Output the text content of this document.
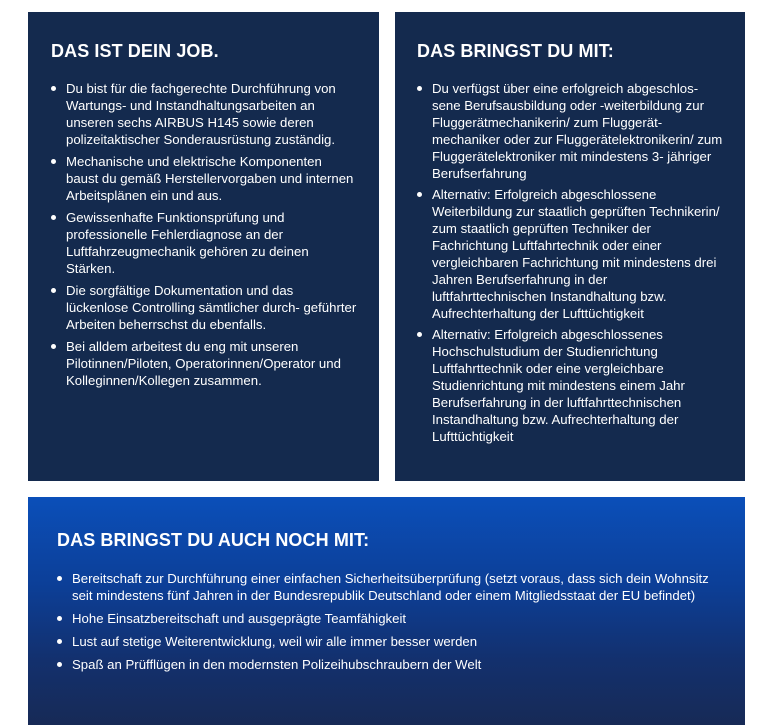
DAS IST DEIN JOB.
Du bist für die fachgerechte Durchführung von Wartungs- und Instandhaltungsarbeiten an unseren sechs AIRBUS H145 sowie deren polizeitaktischer Sonderausrüstung zuständig.
Mechanische und elektrische Komponenten baust du gemäß Herstellervorgaben und internen Arbeitsplänen ein und aus.
Gewissenhafte Funktionsprüfung und professionelle Fehlerdiagnose an der Luftfahrzeugmechanik gehören zu deinen Stärken.
Die sorgfältige Dokumentation und das lückenlose Controlling sämtlicher durch- geführter Arbeiten beherrschst du ebenfalls.
Bei alldem arbeitest du eng mit unseren Pilotinnen/Piloten, Operatorinnen/Operator und Kolleginnen/Kollegen zusammen.
DAS BRINGST DU MIT:
Du verfügst über eine erfolgreich abgeschlos- sene Berufsausbildung oder -weiterbildung zur Fluggerätmechanikerin/ zum Fluggerät- mechaniker oder zur Fluggerätelektronikerin/ zum Fluggerätelektroniker mit mindestens 3- jähriger Berufserfahrung
Alternativ: Erfolgreich abgeschlossene Weiterbildung zur staatlich geprüften Technikerin/ zum staatlich geprüften Techniker der Fachrichtung Luftfahrtechnik oder einer vergleichbaren Fachrichtung mit mindestens drei Jahren Berufserfahrung in der luftfahrttechnischen Instandhaltung bzw. Aufrechterhaltung der Lufttüchtigkeit
Alternativ: Erfolgreich abgeschlossenes Hochschulstudium der Studienrichtung Luftfahrttechnik oder eine vergleichbare Studienrichtung mit mindestens einem Jahr Berufserfahrung in der luftfahrttechnischen Instandhaltung bzw. Aufrechterhaltung der Lufttüchtigkeit
DAS BRINGST DU AUCH NOCH MIT:
Bereitschaft zur Durchführung einer einfachen Sicherheitsüberprüfung (setzt voraus, dass sich dein Wohnsitz seit mindestens fünf Jahren in der Bundesrepublik Deutschland oder einem Mitgliedsstaat der EU befindet)
Hohe Einsatzbereitschaft und ausgeprägte Teamfähigkeit
Lust auf stetige Weiterentwicklung, weil wir alle immer besser werden
Spaß an Prüfflügen in den modernsten Polizeihubschraubern der Welt
